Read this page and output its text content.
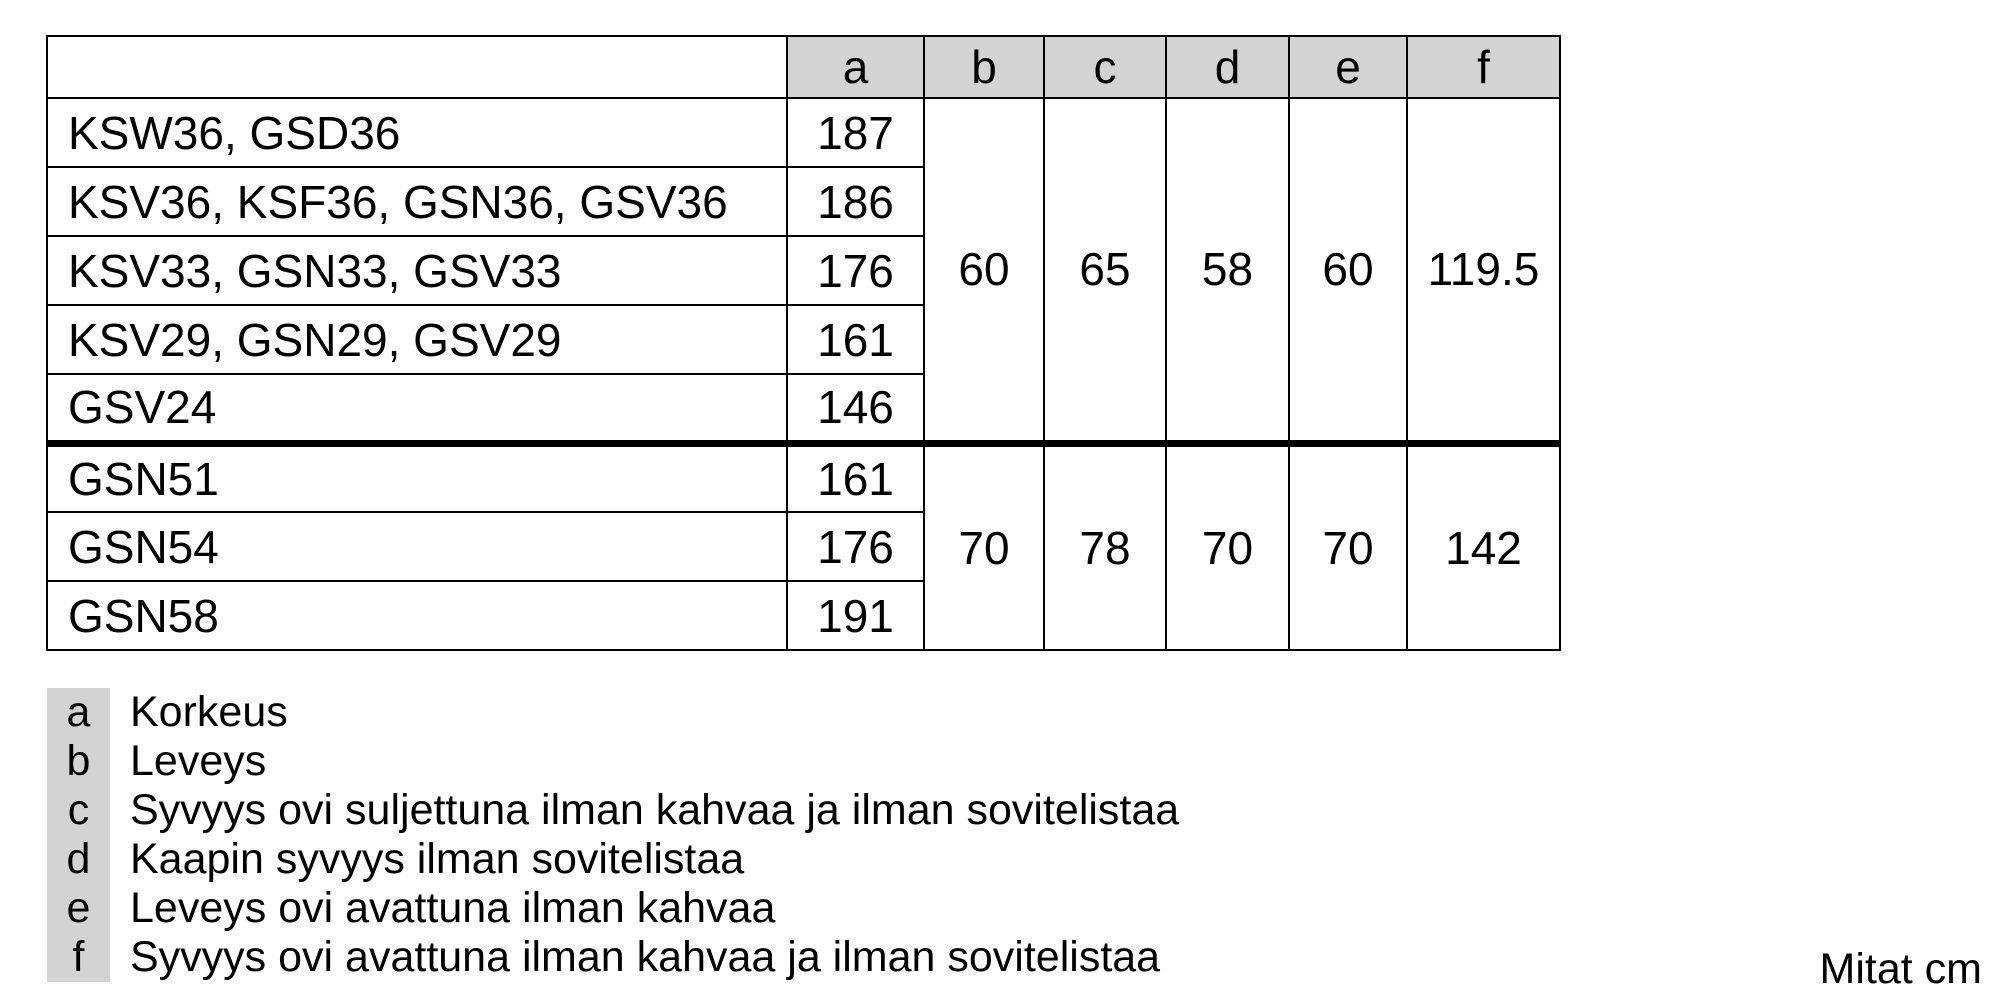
	a	b	c	d	e	f
KSW36, GSD36	187	60	65	58	60	119.5
KSV36, KSF36, GSN36, GSV36	186					
KSV33, GSN33, GSV33	176					
KSV29, GSN29, GSV29	161					
GSV24	146					
GSN51	161	70	78	70	70	142
GSN54	176					
GSN58	191					
a	Korkeus
b	Leveys
c	Syvyys ovi suljettuna ilman kahvaa ja ilman sovitelistaa
d	Kaapin syvyys ilman sovitelistaa
e	Leveys ovi avattuna ilman kahvaa
f	Syvyys ovi avattuna ilman kahvaa ja ilman sovitelistaa	Mitat cm
